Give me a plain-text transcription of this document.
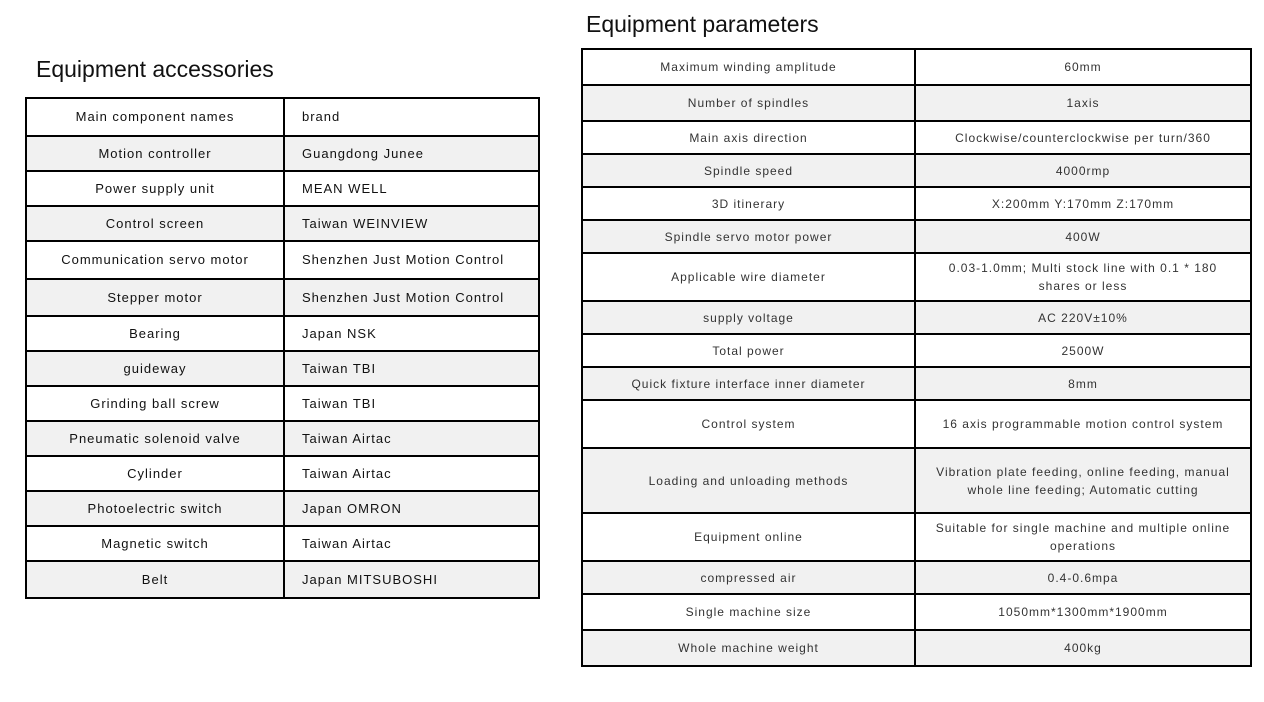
Equipment accessories
Main component names	brand
Motion controller	Guangdong Junee
Power supply unit	MEAN WELL
Control screen	Taiwan WEINVIEW
Communication servo motor	Shenzhen Just Motion Control
Stepper motor	Shenzhen Just Motion Control
Bearing	Japan NSK
guideway	Taiwan TBI
Grinding ball screw	Taiwan TBI
Pneumatic solenoid valve	Taiwan Airtac
Cylinder	Taiwan Airtac
Photoelectric switch	Japan OMRON
Magnetic switch	Taiwan Airtac
Belt	Japan MITSUBOSHI
Equipment parameters
Maximum winding amplitude	60mm
Number of spindles	1axis
Main axis direction	Clockwise/counterclockwise per turn/360
Spindle speed	4000rmp
3D itinerary	X:200mm Y:170mm Z:170mm
Spindle servo motor power	400W
Applicable wire diameter	0.03-1.0mm; Multi stock line with 0.1 * 180 shares or less
supply voltage	AC 220V±10%
Total power	2500W
Quick fixture interface inner diameter	8mm
Control system	16 axis programmable motion control system
Loading and unloading methods	Vibration plate feeding, online feeding, manual whole line feeding; Automatic cutting
Equipment online	Suitable for single machine and multiple online operations
compressed air	0.4-0.6mpa
Single machine size	1050mm*1300mm*1900mm
Whole machine weight	400kg
